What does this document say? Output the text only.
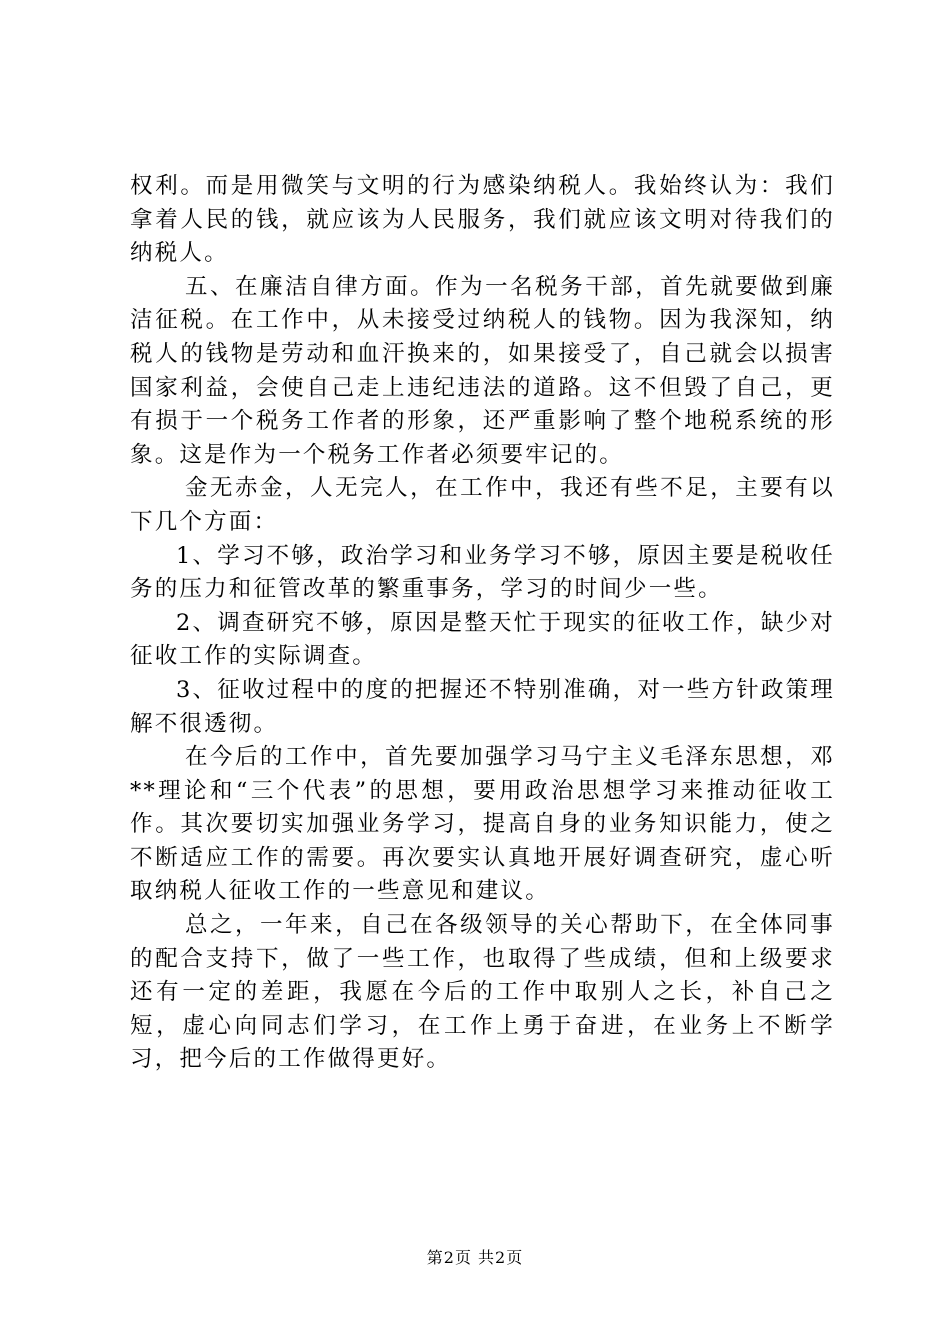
权利。而是用微笑与文明的行为感染纳税人。我始终认为：我们拿着人民的钱，就应该为人民服务，我们就应该文明对待我们的纳税人。

五、在廉洁自律方面。作为一名税务干部，首先就要做到廉洁征税。在工作中，从未接受过纳税人的钱物。因为我深知，纳税人的钱物是劳动和血汗换来的，如果接受了，自己就会以损害国家利益，会使自己走上违纪违法的道路。这不但毁了自己，更有损于一个税务工作者的形象，还严重影响了整个地税系统的形象。这是作为一个税务工作者必须要牢记的。

金无赤金，人无完人，在工作中，我还有些不足，主要有以下几个方面：

1、学习不够，政治学习和业务学习不够，原因主要是税收任务的压力和征管改革的繁重事务，学习的时间少一些。

2、调查研究不够，原因是整天忙于现实的征收工作，缺少对征收工作的实际调查。

3、征收过程中的度的把握还不特别准确，对一些方针政策理解不很透彻。

在今后的工作中，首先要加强学习马宁主义毛泽东思想，邓**理论和“三个代表”的思想，要用政治思想学习来推动征收工作。其次要切实加强业务学习，提高自身的业务知识能力，使之不断适应工作的需要。再次要实认真地开展好调查研究，虚心听取纳税人征收工作的一些意见和建议。

总之，一年来，自己在各级领导的关心帮助下，在全体同事的配合支持下，做了一些工作，也取得了些成绩，但和上级要求还有一定的差距，我愿在今后的工作中取别人之长，补自己之短，虚心向同志们学习，在工作上勇于奋进，在业务上不断学习，把今后的工作做得更好。

第2页 共2页
